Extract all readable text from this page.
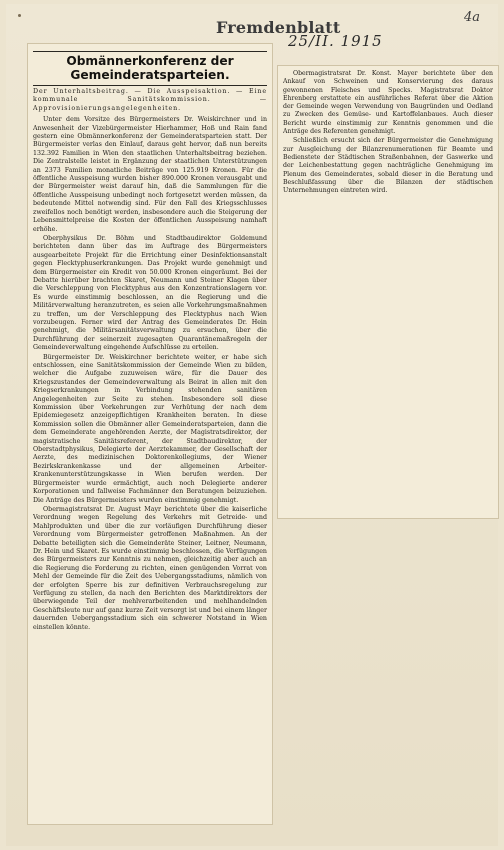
Fremdenblatt
25/II. 1915
4a
Obmännerkonferenz der Gemeinderatsparteien.
Der Unterhaltsbeitrag. — Die Ausspeisaktion. — Eine kommunale Sanitätskommission. — Approvisionierungsangelegenheiten.

Unter dem Vorsitze des Bürgermeisters Dr. Weiskirchner und in Anwesenheit der Vizebürgermeister Hierhammer, Hoß und Rain fand gestern eine Obmännerkonferenz der Gemeinderatsparteien statt. Der Bürgermeister verlas den Einlauf, daraus geht hervor, daß nun bereits 132.392 Familien in Wien den staatlichen Unterhaltsbeitrag beziehen. Die Zentralstelle leistet in Ergänzung der staatlichen Unterstützungen an 2373 Familien monatliche Beiträge von 125.919 Kronen. Für die öffentliche Ausspeisung wurden bisher 890.000 Kronen verausgabt und der Bürgermeister weist darauf hin, daß die Sammlungen für die öffentliche Ausspeisung unbedingt noch fortgesetzt werden müssen, da bedeutende Mittel notwendig sind. Für den Fall des Kriegsschlusses zweifellos noch benötigt werden, insbesondere auch die Steigerung der Lebensmittelpreise die Kosten der öffentlichen Ausspeisung namhaft erhöhe.

Oberphysikus Dr. Böhm und Stadtbaudirektor Goldemund berichteten dann über das im Auftrage des Bürgermeisters ausgearbeitete Projekt für die Errichtung einer Desinfektionsanstalt gegen Flecktyphuserkrankungen. Das Projekt wurde genehmigt und dem Bürgermeister ein Kredit von 50.000 Kronen eingeräumt. Bei der Debatte hierüber brachten Skaret, Neumann und Steiner Klagen über die Verschleppung von Flecktyphus aus den Konzentrationslagern vor. Es wurde einstimmig beschlossen, an die Regierung und die Militärverwaltung heranzutreten, es seien alle Vorkehrungsmaßnahmen zu treffen, um der Verschleppung des Flecktyphus nach Wien vorzubeugen. Ferner wird der Antrag des Gemeinderates Dr. Hein genehmigt, die Militärsanitätsverwaltung zu ersuchen, über die Durchführung der seinerzeit zugesagten Quarantänemaßregeln der Gemeindeverwaltung eingehende Aufschlüsse zu erteilen.

Bürgermeister Dr. Weiskirchner berichtete weiter, er habe sich entschlossen, eine Sanitätskommission der Gemeinde Wien zu bilden, welcher die Aufgabe zuzuweisen wäre, für die Dauer des Kriegszustandes der Gemeindeverwaltung als Beirat in allen mit den Kriegserkrankungen in Verbindung stehenden sanitären Angelegenheiten zur Seite zu stehen. Insbesondere soll diese Kommission über Vorkehrungen zur Verhütung der nach dem Epidemiegesetz anzeigepflichtigen Krankheiten beraten. In diese Kommission sollen die Obmänner aller Gemeinderatsparteien, dann die dem Gemeinderate angehörenden Aerzte, der Magistratsdirektor, der magistratische Sanitätsreferent, der Stadtbaudirektor, der Oberstadtphysikus, Delegierte der Aerztekammer, der Gesellschaft der Aerzte, des medizinischen Doktorenkollegiums, der Wiener Bezirkskrankenkasse und der allgemeinen Arbeiter-Krankenunterstützungskasse in Wien berufen werden. Der Bürgermeister wurde ermächtigt, auch noch Delegierte anderer Korporationen und fallweise Fachmänner den Beratungen beizuziehen. Die Anträge des Bürgermeisters wurden einstimmig genehmigt.

Obermagistratsrat Dr. August Mayr berichtete über die kaiserliche Verordnung wegen Regelung des Verkehrs mit Getreide- und Mahlprodukten und über die zur vorläufigen Durchführung dieser Verordnung vom Bürgermeister getroffenen Maßnahmen. An der Debatte beteiligten sich die Gemeinderäte Steiner, Leitner, Neumann, Dr. Hein und Skaret. Es wurde einstimmig beschlossen, die Verfügungen des Bürgermeisters zur Kenntnis zu nehmen, gleichzeitig aber auch an die Regierung die Forderung zu richten, einen genügenden Vorrat von Mehl der Gemeinde für die Zeit des Uebergangsstadiums, nämlich von der erfolgten Sperre bis zur definitiven Verbrauchsregelung zur Verfügung zu stellen, da nach den Berichten des Marktdirektors der überwiegende Teil der mehlverarbeitenden und mehlhandelnden Geschäftsleute nur auf ganz kurze Zeit versorgt ist und bei einem länger dauernden Uebergangsstadium sich ein schwerer Notstand in Wien einstellen könnte.

Obermagistratsrat Dr. Konst. Mayer berichtete über den Ankauf von Schweinen und Konservierung des daraus gewonnenen Fleisches und Specks. Magistratsrat Doktor Ehrenberg erstattete ein ausführliches Referat über die Aktion der Gemeinde wegen Verwendung von Baugründen und Oedland zu Zwecken des Gemüse- und Kartoffelanbaues. Auch dieser Bericht wurde einstimmig zur Kenntnis genommen und die Anträge des Referenten genehmigt.

Schließlich ersucht sich der Bürgermeister die Genehmigung zur Ausgleichung der Bilanzrenumerationen für Beamte und Bedienstete der Städtischen Straßenbahnen, der Gaswerke und der Leichenbestattung gegen nachträgliche Genehmigung im Plenum des Gemeinderates, sobald dieser in die Beratung und Beschlußfassung über die Bilanzen der städtischen Unternehmungen eintreten wird.
